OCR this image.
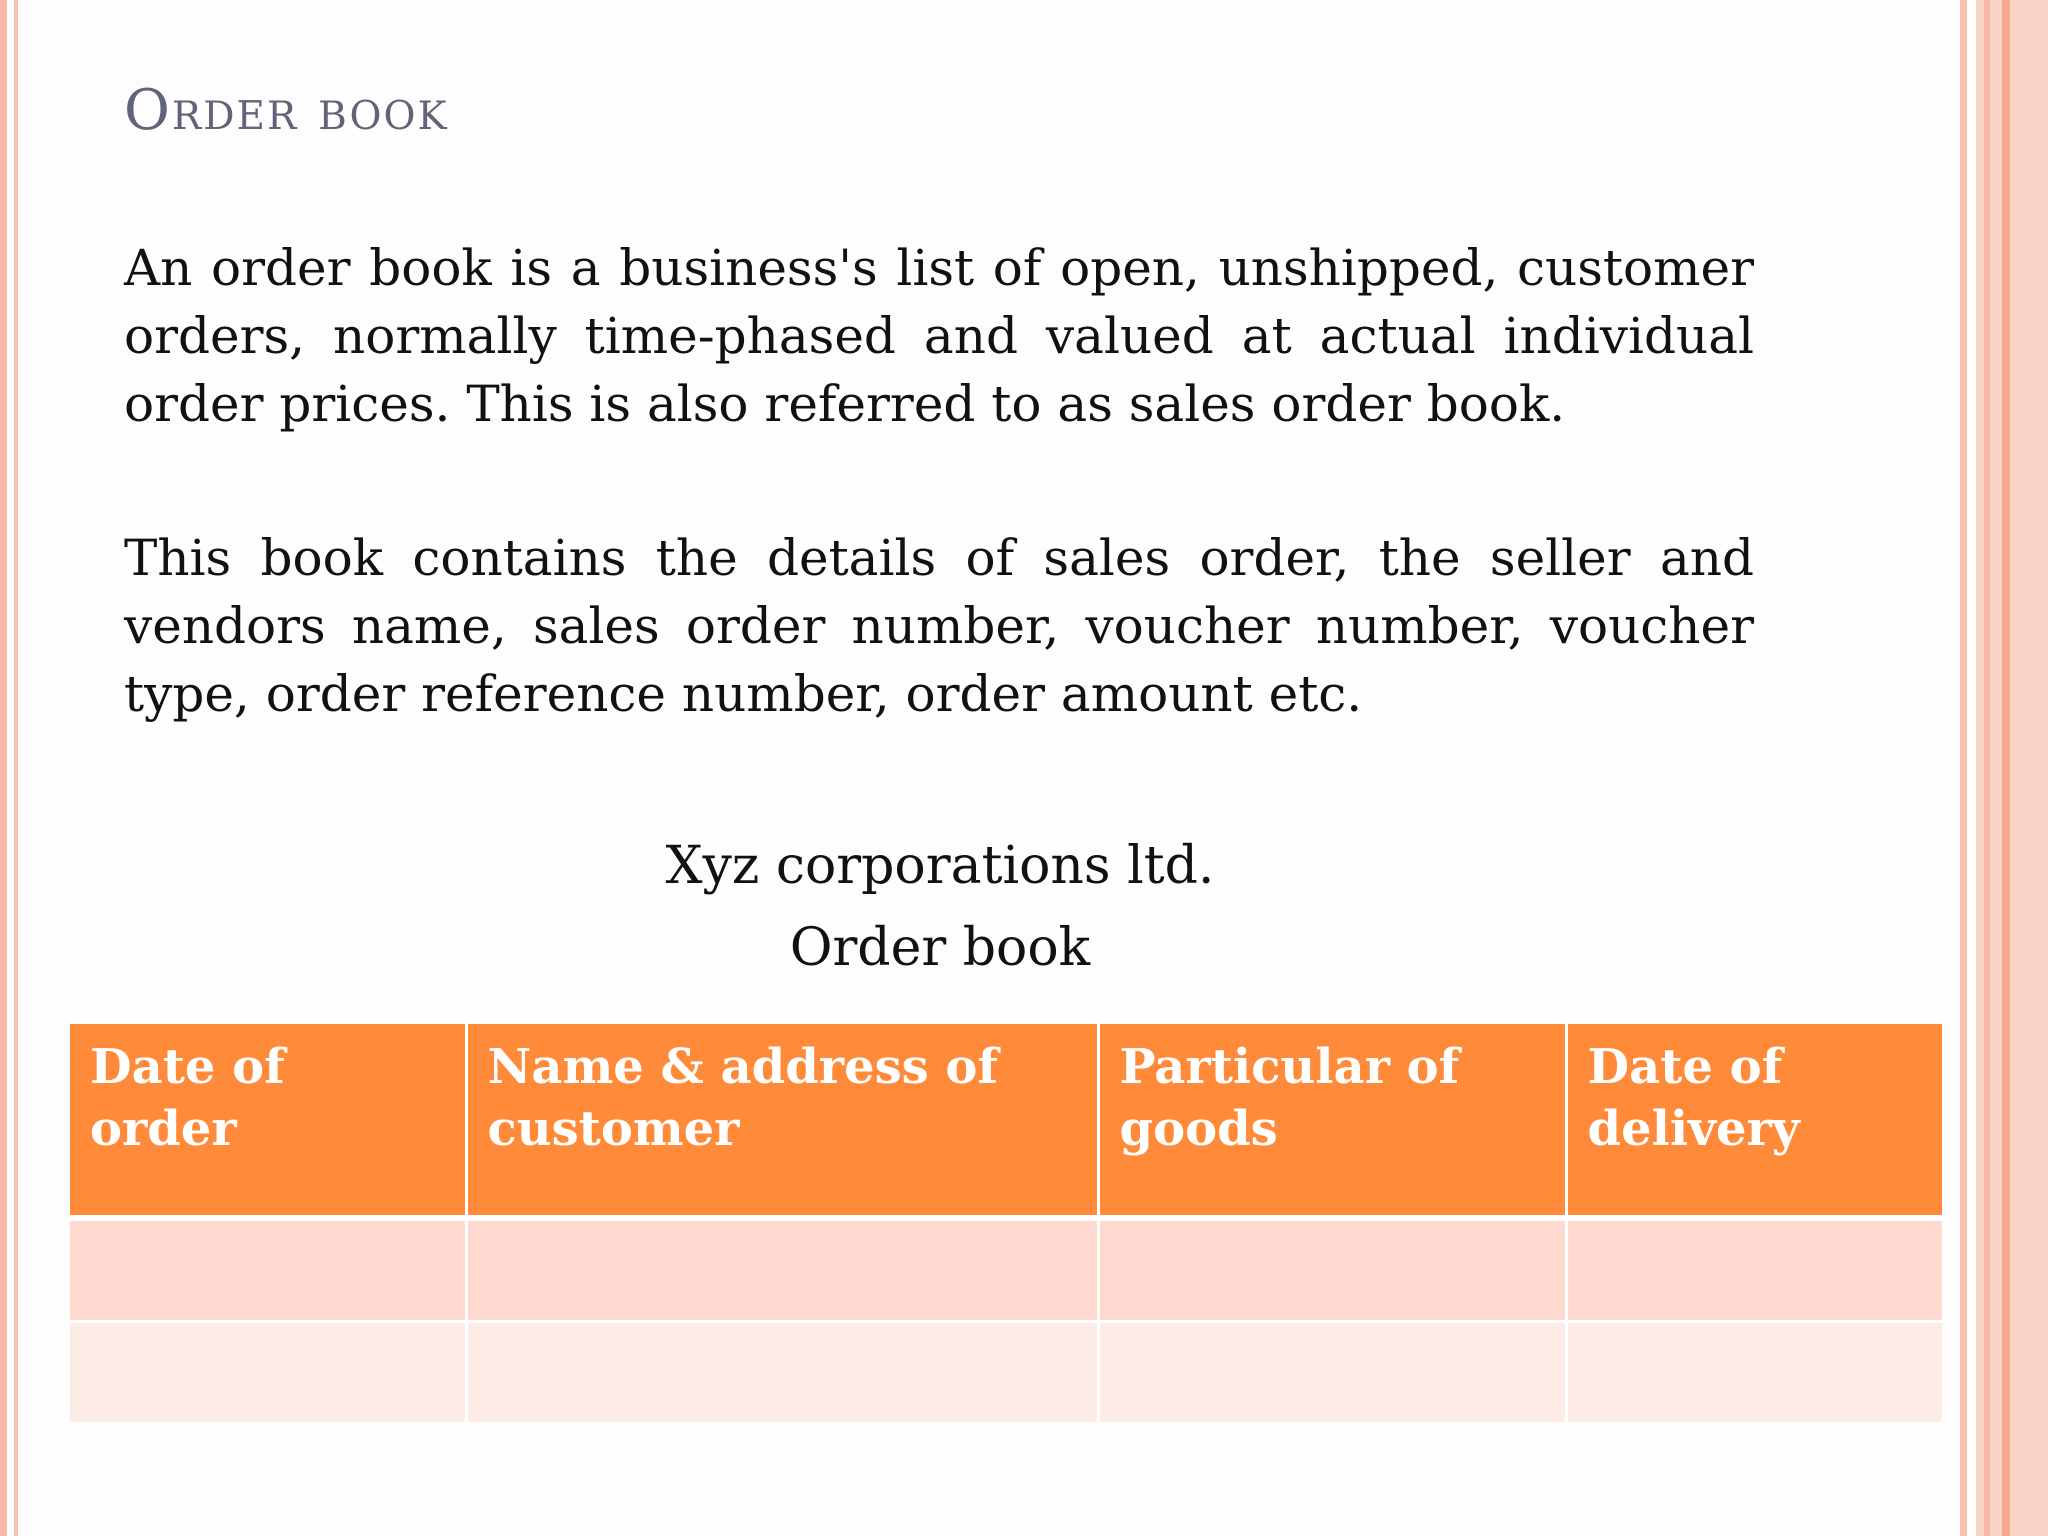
Order book

An order book is a business's list of open, unshipped, customer orders, normally time-phased and valued at actual individual order prices. This is also referred to as sales order book.

This book contains the details of sales order, the seller and vendors name, sales order number, voucher number, voucher type, order reference number, order amount etc.

Xyz corporations ltd.

Order book

Date of order	Name & address of customer	Particular of goods	Date of delivery
